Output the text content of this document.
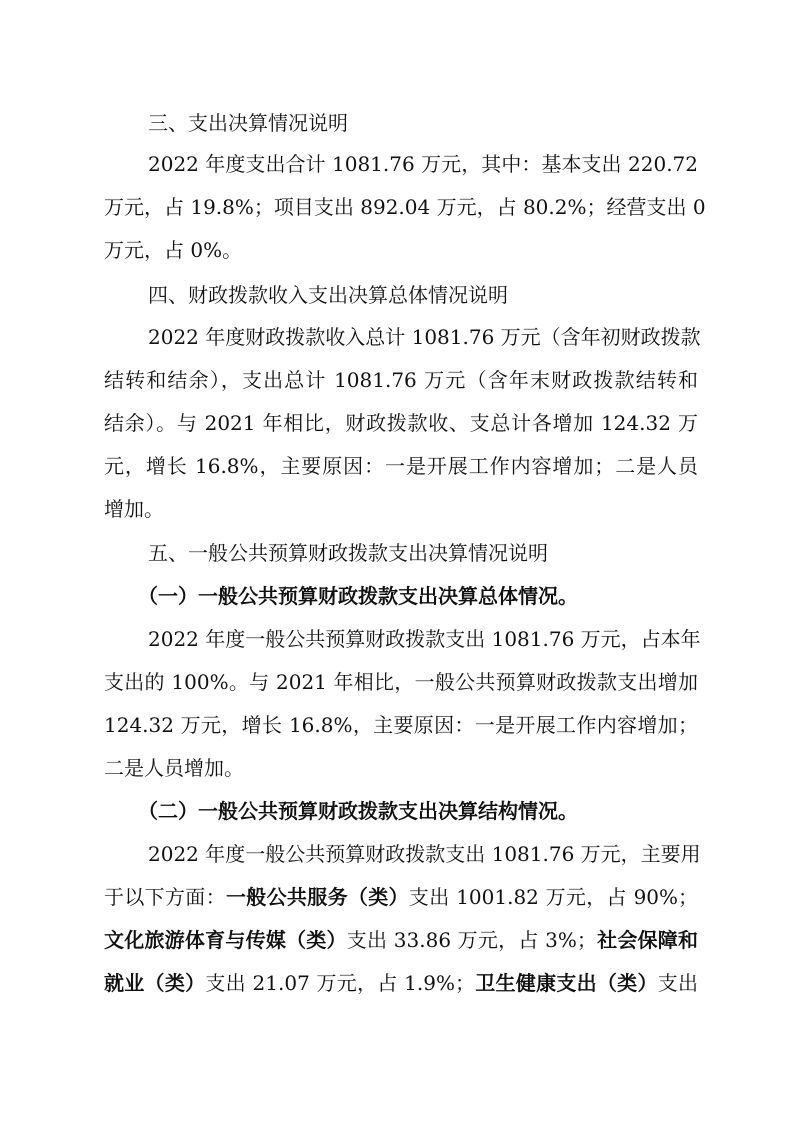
三、支出决算情况说明
2022 年度支出合计 1081.76 万元，其中：基本支出 220.72
万元，占 19.8%；项目支出 892.04 万元，占 80.2%；经营支出 0
万元，占 0%。
四、财政拨款收入支出决算总体情况说明
2022 年度财政拨款收入总计 1081.76 万元（含年初财政拨款
结转和结余），支出总计 1081.76 万元（含年末财政拨款结转和
结余）。与 2021 年相比，财政拨款收、支总计各增加 124.32 万
元，增长 16.8%，主要原因：一是开展工作内容增加；二是人员
增加。
五、一般公共预算财政拨款支出决算情况说明
（一）一般公共预算财政拨款支出决算总体情况。
2022 年度一般公共预算财政拨款支出 1081.76 万元，占本年
支出的 100%。与 2021 年相比，一般公共预算财政拨款支出增加
124.32 万元，增长 16.8%，主要原因：一是开展工作内容增加；
二是人员增加。
（二）一般公共预算财政拨款支出决算结构情况。
2022 年度一般公共预算财政拨款支出 1081.76 万元，主要用
于以下方面：一般公共服务（类）支出 1001.82 万元，占 90%；
文化旅游体育与传媒（类）支出 33.86 万元，占 3%；社会保障和
就业（类）支出 21.07 万元，占 1.9%；卫生健康支出（类）支出
